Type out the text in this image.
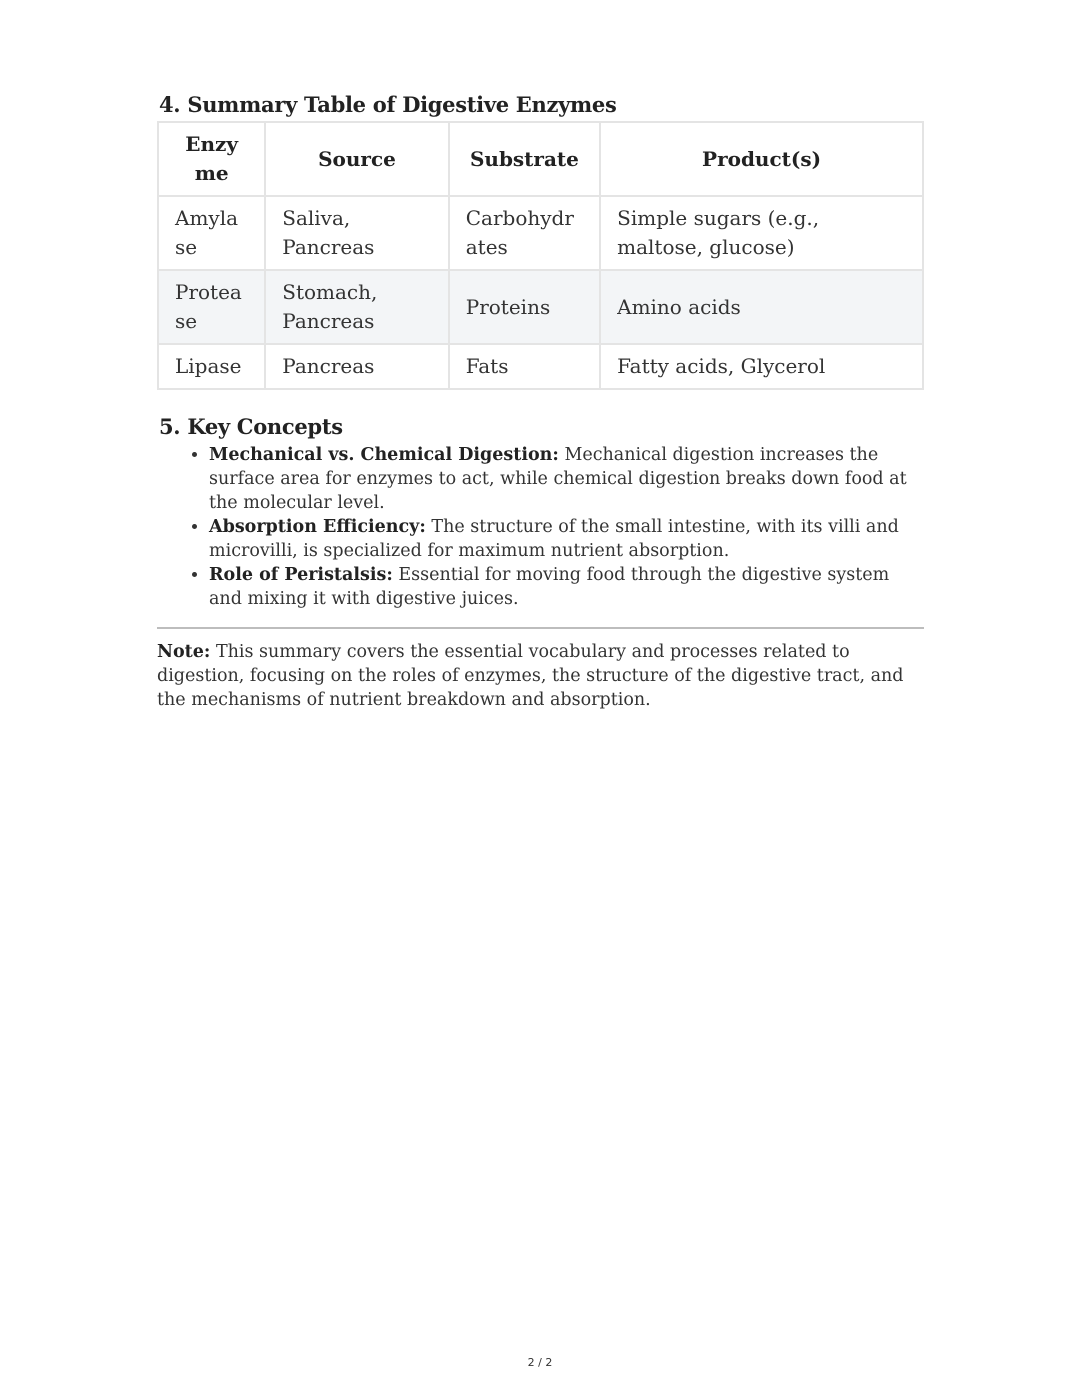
4. Summary Table of Digestive Enzymes
Enzyme	Source	Substrate	Product(s)
Amylase	Saliva, Pancreas	Carbohydrates	Simple sugars (e.g., maltose, glucose)
Protease	Stomach, Pancreas	Proteins	Amino acids
Lipase	Pancreas	Fats	Fatty acids, Glycerol
5. Key Concepts
• Mechanical vs. Chemical Digestion: Mechanical digestion increases the surface area for enzymes to act, while chemical digestion breaks down food at the molecular level.
• Absorption Efficiency: The structure of the small intestine, with its villi and microvilli, is specialized for maximum nutrient absorption.
• Role of Peristalsis: Essential for moving food through the digestive system and mixing it with digestive juices.

Note: This summary covers the essential vocabulary and processes related to digestion, focusing on the roles of enzymes, the structure of the digestive tract, and the mechanisms of nutrient breakdown and absorption.

2 / 2
